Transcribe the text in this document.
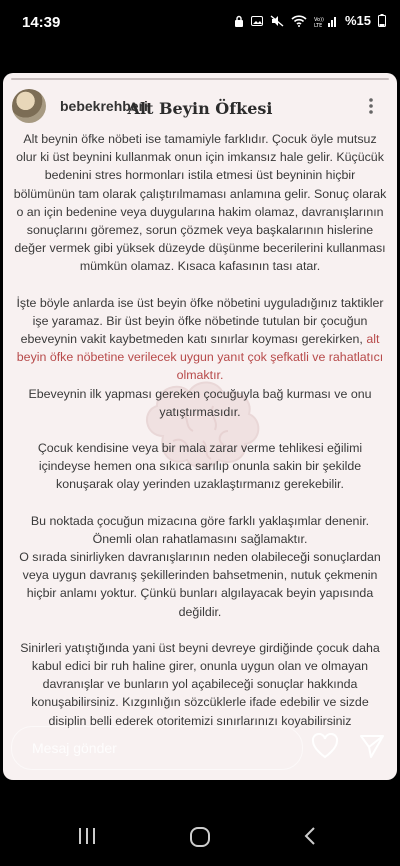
14:39	Vo))
LTE %15
bebekrehberi
Alt Beyin Öfkesi

Alt beynin öfke nöbeti ise tamamiyle farklıdır. Çocuk öyle mutsuz olur ki üst beynini kullanmak onun için imkansız hale gelir. Küçücük bedenini stres hormonları istila etmesi üst beyninin hiçbir bölümünün tam olarak çalıştırılmaması anlamına gelir. Sonuç olarak o an için bedenine veya duygularına hakim olamaz, davranışlarının sonuçlarını göremez, sorun çözmek veya başkalarının hislerine değer vermek gibi yüksek düzeyde düşünme becerilerini kullanması mümkün olamaz. Kısaca kafasının tası atar.

İşte böyle anlarda ise üst beyin öfke nöbetini uyguladığınız taktikler işe yaramaz. Bir üst beyin öfke nöbetinde tutulan bir çocuğun ebeveynin vakit kaybetmeden katı sınırlar koyması gerekirken, alt beyin öfke nöbetine verilecek uygun yanıt çok şefkatli ve rahatlatıcı olmaktır.

Ebeveynin ilk yapması gereken çocuğuyla bağ kurması ve onu yatıştırmasıdır.

Çocuk kendisine veya bir mala zarar verme tehlikesi eğilimi içindeyse hemen ona sıkıca sarılıp onunla sakin bir şekilde konuşarak olay yerinden uzaklaştırmanız gerekebilir.

Bu noktada çocuğun mizacına göre farklı yaklaşımlar denenir.

Önemli olan rahatlamasını sağlamaktır.

O sırada sinirliyken davranışlarının neden olabileceği sonuçlardan veya uygun davranış şekillerinden bahsetmenin, nutuk çekmenin hiçbir anlamı yoktur. Çünkü bunları algılayacak beyin yapısında değildir.

Sinirleri yatıştığında yani üst beyni devreye girdiğinde çocuk daha kabul edici bir ruh haline girer, onunla uygun olan ve olmayan davranışlar ve bunların yol açabileceği sonuçlar hakkında konuşabilirsiniz. Kızgınlığın sözcüklerle ifade edebilir ve sizde disiplin belli ederek otoritemizi sınırlarınızı koyabilirsiniz

Mesaj gönder
